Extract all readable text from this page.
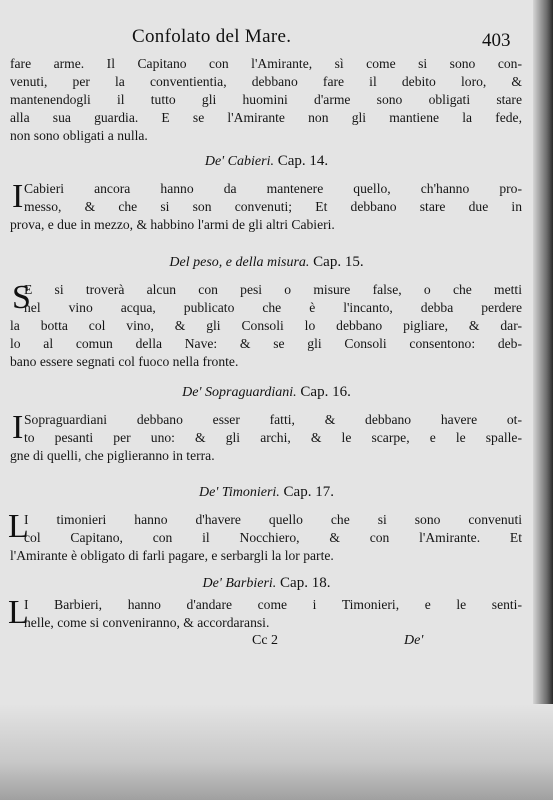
Confolato del Mare.	403
fare arme. Il Capitano con l'Amirante, sì come si sono con-
venuti, per la conventientia, debbano fare il debito loro, &
mantenendogli il tutto gli huomini d'arme sono obligati stare
alla sua guardia. E se l'Amirante non gli mantiene la fede,
non sono obligati a nulla.
De' Cabieri. Cap. 14.
I Cabieri ancora hanno da mantenere quello, ch'hanno pro-
messo, & che si son convenuti; Et debbano stare due in
prova, e due in mezzo, & habbino l'armi de gli altri Cabieri.
Del peso, e della misura. Cap. 15.
S
E si troverà alcun con pesi o misure false, o che metti
nel vino acqua, publicato che è l'incanto, debba perdere
la botta col vino, & gli Consoli lo debbano pigliare, & dar-
lo al comun della Nave: & se gli Consoli consentono: deb-
bano essere segnati col fuoco nella fronte.
De' Sopraguardiani. Cap. 16.
I Sopraguardiani debbano esser fatti, & debbano havere ot-
to pesanti per uno: & gli archi, & le scarpe, e le spalle-
gne di quelli, che piglieranno in terra.
De' Timonieri. Cap. 17.
L
I timonieri hanno d'havere quello che si sono convenuti
col Capitano, con il Nocchiero, & con l'Amirante. Et
l'Amirante è obligato di farli pagare, e serbargli la lor parte.
De' Barbieri. Cap. 18.
L
I Barbieri, hanno d'andare come i Timonieri, e le senti-
nelle, come si conveniranno, & accordaransi.
Cc 2	De'
